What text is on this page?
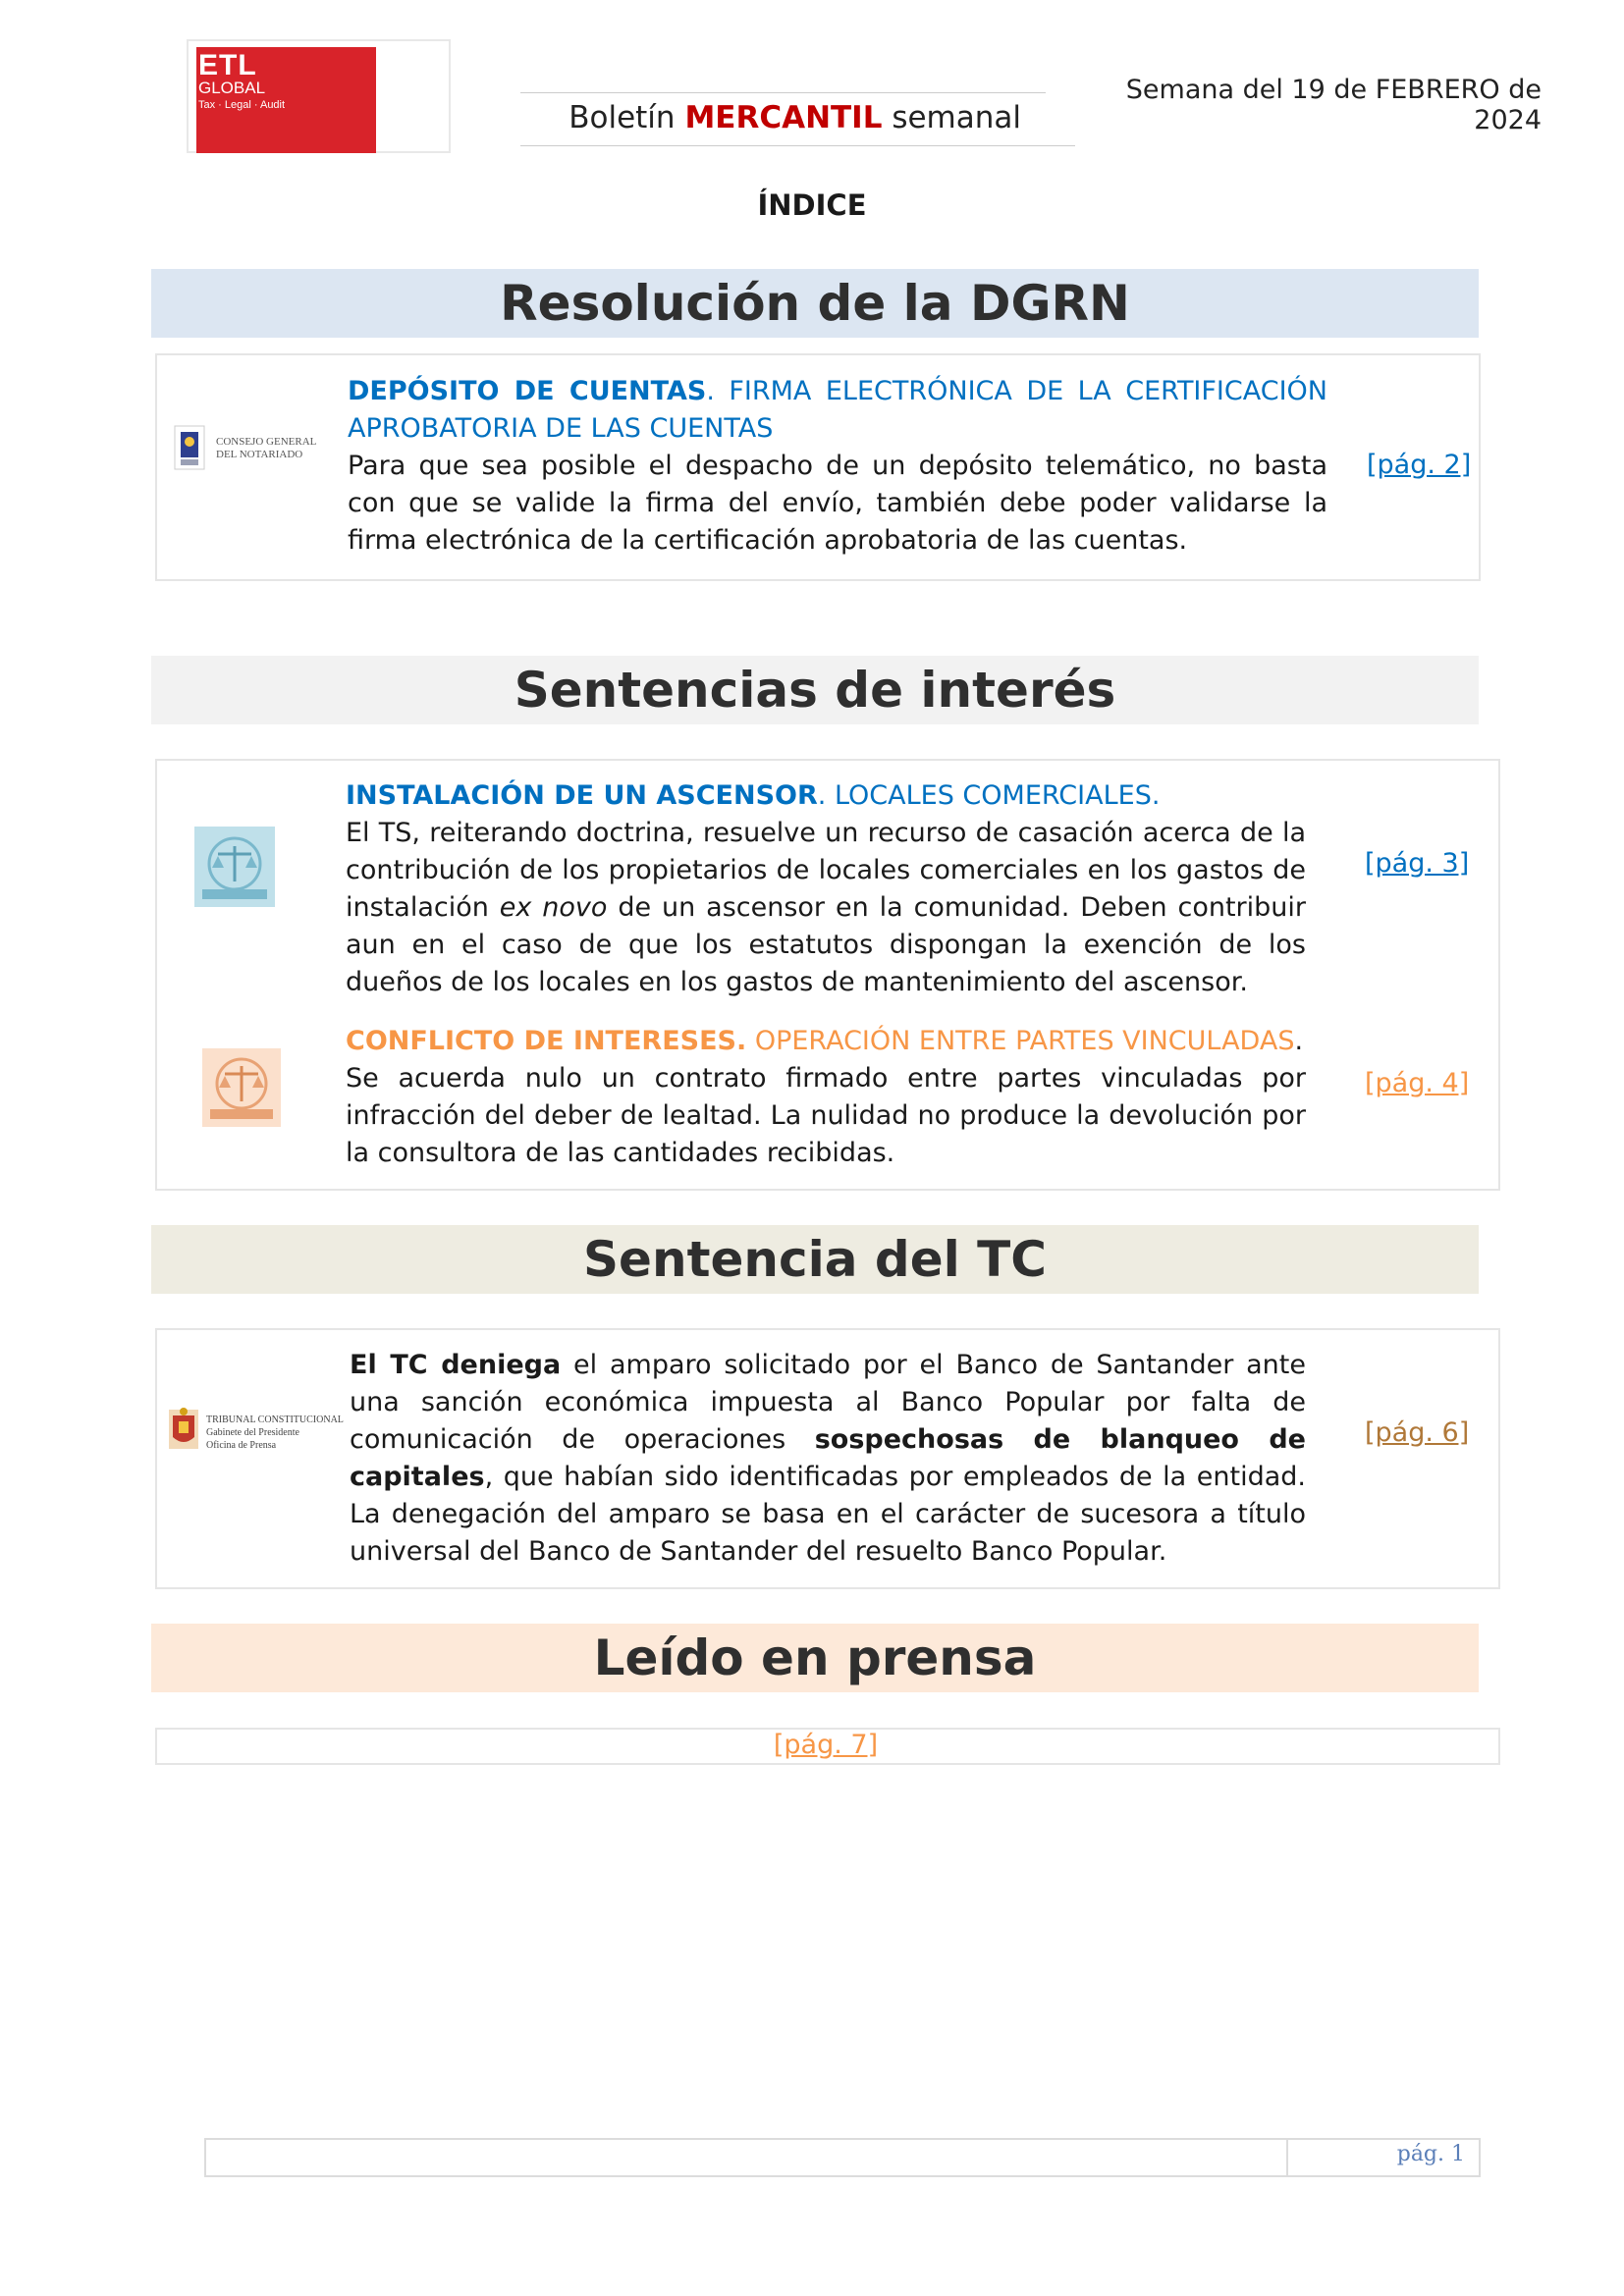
ETL
GLOBAL
Tax · Legal · Audit	Boletín MERCANTIL semanal
Semana del 19 de FEBRERO de 2024
ÍNDICE
Resolución de la DGRN
CONSEJO GENERAL
DEL NOTARIADO
DEPÓSITO DE CUENTAS. FIRMA ELECTRÓNICA DE LA CERTIFICACIÓN APROBATORIA DE LAS CUENTAS
Para que sea posible el despacho de un depósito telemático, no basta con que se valide la firma del envío, también debe poder validarse la firma electrónica de la certificación aprobatoria de las cuentas.
[pág. 2]
Sentencias de interés
INSTALACIÓN DE UN ASCENSOR. LOCALES COMERCIALES.
El TS, reiterando doctrina, resuelve un recurso de casación acerca de la contribución de los propietarios de locales comerciales en los gastos de instalación ex novo de un ascensor en la comunidad. Deben contribuir aun en el caso de que los estatutos dispongan la exención de los dueños de los locales en los gastos de mantenimiento del ascensor.
[pág. 3]
CONFLICTO DE INTERESES. OPERACIÓN ENTRE PARTES VINCULADAS.
Se acuerda nulo un contrato firmado entre partes vinculadas por infracción del deber de lealtad. La nulidad no produce la devolución por la consultora de las cantidades recibidas.
[pág. 4]
Sentencia del TC
TRIBUNAL CONSTITUCIONAL
Gabinete del Presidente
Oficina de Prensa
El TC deniega el amparo solicitado por el Banco de Santander ante una sanción económica impuesta al Banco Popular por falta de comunicación de operaciones sospechosas de blanqueo de capitales, que habían sido identificadas por empleados de la entidad. La denegación del amparo se basa en el carácter de sucesora a título universal del Banco de Santander del resuelto Banco Popular.
[pág. 6]
Leído en prensa
[pág. 7]
pág. 1
